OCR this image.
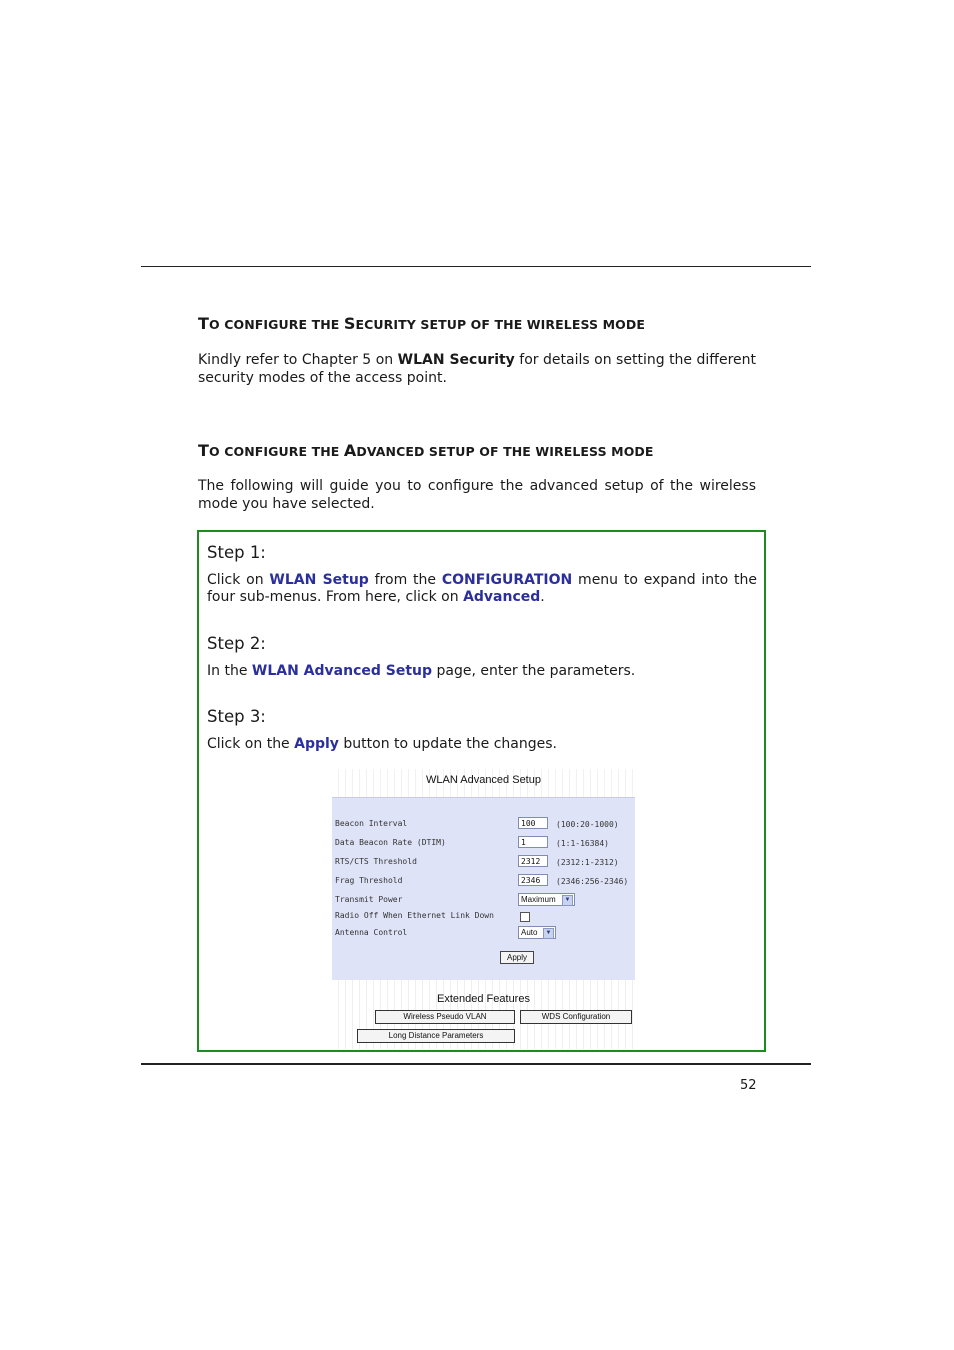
TO CONFIGURE THE SECURITY SETUP OF THE WIRELESS MODE
Kindly refer to Chapter 5 on WLAN Security for details on setting the different security modes of the access point.
TO CONFIGURE THE ADVANCED SETUP OF THE WIRELESS MODE
The following will guide you to configure the advanced setup of the wireless mode you have selected.
Step 1:
Click on WLAN Setup from the CONFIGURATION menu to expand into the four sub-menus. From here, click on Advanced.
Step 2:
In the WLAN Advanced Setup page, enter the parameters.
Step 3:
Click on the Apply button to update the changes.
WLAN Advanced Setup
Beacon Interval	100	(100:20-1000)
Data Beacon Rate (DTIM)	1	(1:1-16384)
RTS/CTS Threshold	2312	(2312:1-2312)
Frag Threshold	2346	(2346:256-2346)
Transmit Power	Maximum	▼
Radio Off When Ethernet Link Down
Antenna Control	Auto	▼
Apply
Extended Features
Wireless Pseudo VLAN	WDS Configuration
Long Distance Parameters
52
